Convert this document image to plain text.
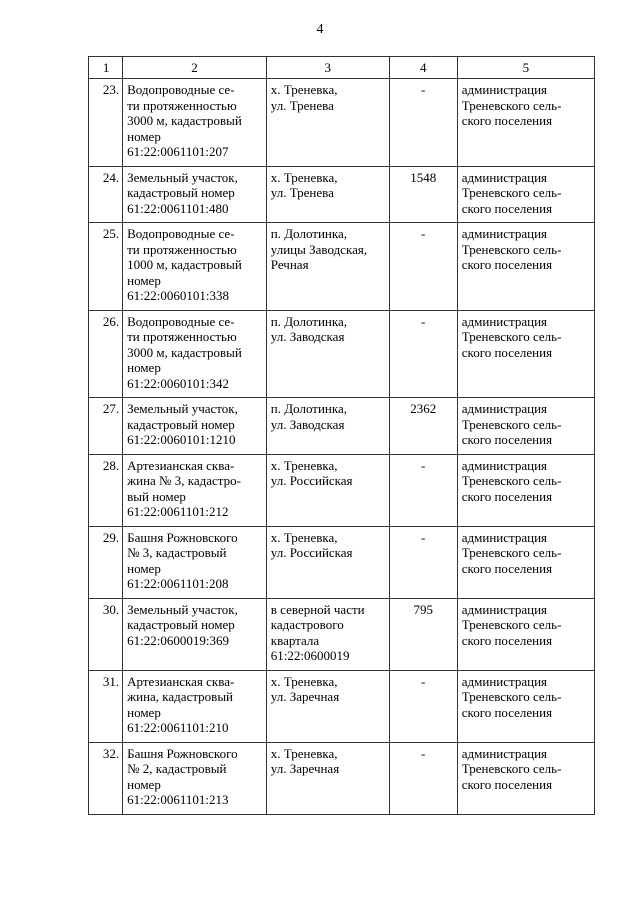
4
1	2	3	4	5
23.	Водопроводные се-
ти протяженностью
3000 м, кадастровый
номер
61:22:0061101:207	х. Треневка,
ул. Тренева	-	администрация
Треневского сель-
ского поселения
24.	Земельный участок,
кадастровый номер
61:22:0061101:480	х. Треневка,
ул. Тренева	1548	администрация
Треневского сель-
ского поселения
25.	Водопроводные се-
ти протяженностью
1000 м, кадастровый
номер
61:22:0060101:338	п. Долотинка,
улицы Заводская,
Речная	-	администрация
Треневского сель-
ского поселения
26.	Водопроводные се-
ти протяженностью
3000 м, кадастровый
номер
61:22:0060101:342	п. Долотинка,
ул. Заводская	-	администрация
Треневского сель-
ского поселения
27.	Земельный участок,
кадастровый номер
61:22:0060101:1210	п. Долотинка,
ул. Заводская	2362	администрация
Треневского сель-
ского поселения
28.	Артезианская сква-
жина № 3, кадастро-
вый номер
61:22:0061101:212	х. Треневка,
ул. Российская	-	администрация
Треневского сель-
ского поселения
29.	Башня Рожновского
№ 3, кадастровый
номер
61:22:0061101:208	х. Треневка,
ул. Российская	-	администрация
Треневского сель-
ского поселения
30.	Земельный участок,
кадастровый номер
61:22:0600019:369	в северной части
кадастрового
квартала
61:22:0600019	795	администрация
Треневского сель-
ского поселения
31.	Артезианская сква-
жина, кадастровый
номер
61:22:0061101:210	х. Треневка,
ул. Заречная	-	администрация
Треневского сель-
ского поселения
32.	Башня Рожновского
№ 2, кадастровый
номер
61:22:0061101:213	х. Треневка,
ул. Заречная	-	администрация
Треневского сель-
ского поселения
